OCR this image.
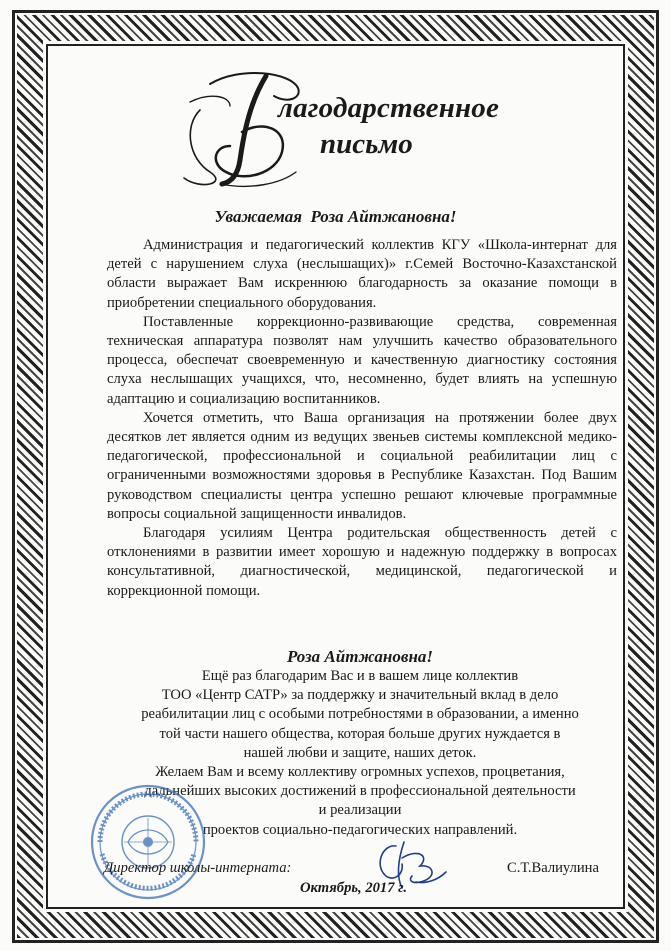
лагодарственное
письмо
Уважаемая  Роза Айтжановна!

Администрация и педагогический коллектив КГУ «Школа-интернат для детей с нарушением слуха (неслышащих)» г.Семей Восточно-Казахстанской области выражает Вам искреннюю благодарность за оказание помощи в приобретении специального оборудования.

Поставленные коррекционно-развивающие средства, современная техническая аппаратура позволят нам улучшить качество образовательного процесса, обеспечат своевременную и качественную диагностику состояния слуха неслышащих учащихся, что, несомненно, будет влиять на успешную адаптацию и социализацию воспитанников.

Хочется отметить, что Ваша организация на протяжении более двух десятков лет является одним из ведущих звеньев системы комплексной медико-педагогической, профессиональной и социальной реабилитации лиц с ограниченными возможностями здоровья в Республике Казахстан. Под Вашим руководством специалисты центра успешно решают ключевые программные вопросы социальной защищенности инвалидов.

Благодаря усилиям Центра родительская общественность детей с отклонениями в развитии имеет хорошую и надежную поддержку в вопросах консультативной, диагностической, медицинской, педагогической и коррекционной помощи.

Роза Айтжановна!

Ещё раз благодарим Вас и в вашем лице коллектив

ТОО «Центр САТР» за поддержку и значительный вклад в дело

реабилитации лиц с особыми потребностями в образовании, а именно

той части нашего общества, которая больше других нуждается в

нашей любви и защите, наших деток.

Желаем Вам и всему коллективу огромных успехов, процветания,

дальнейших высоких достижений в профессиональной деятельности

и реализации

проектов социально-педагогических направлений.

Директор школы-интерната:	С.Т.Валиулина
Октябрь, 2017 г.
